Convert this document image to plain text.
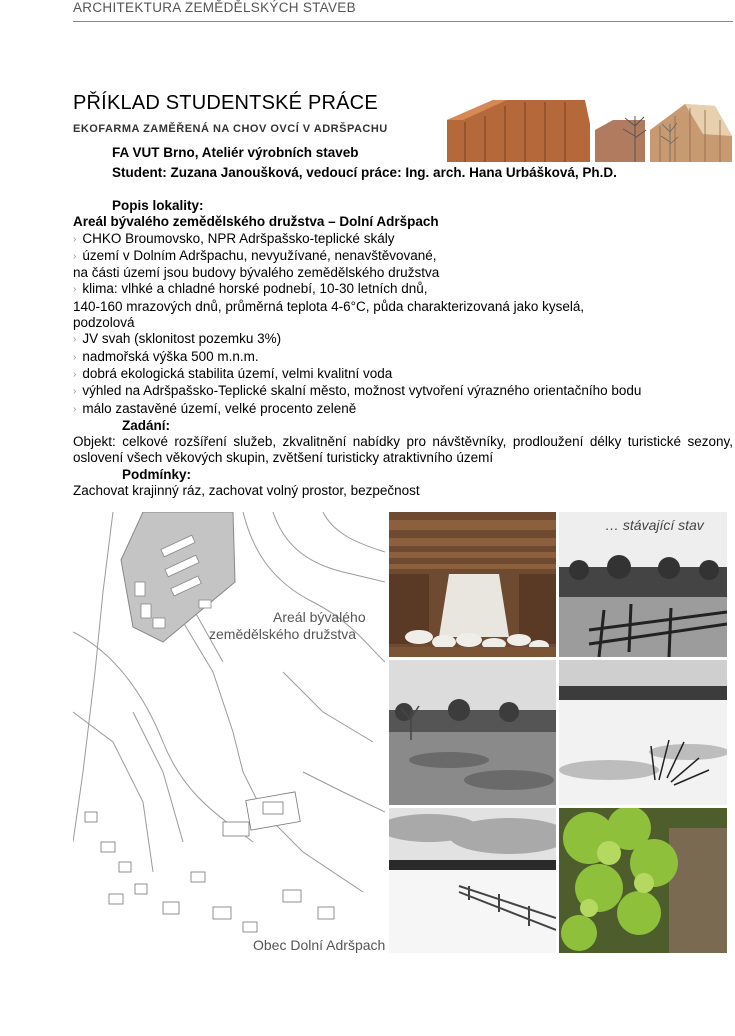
ARCHITEKTURA ZEMĚDĚLSKÝCH STAVEB
PŘÍKLAD STUDENTSKÉ PRÁCE
EKOFARMA ZAMĚŘENÁ NA CHOV OVCÍ V ADRŠPACHU
FA VUT Brno, Ateliér výrobních staveb
Student: Zuzana Janoušková, vedoucí práce: Ing. arch. Hana Urbášková, Ph.D.
Popis lokality:
Areál bývalého zemědělského družstva – Dolní Adršpach
› CHKO Broumovsko, NPR Adršpašsko-teplické skály
› území v Dolním Adršpachu, nevyužívané, nenavštěvované,
na části území jsou budovy bývalého zemědělského družstva
› klima: vlhké a chladné horské podnebí, 10-30 letních dnů,
140-160 mrazových dnů, průměrná teplota 4-6°C, půda charakterizovaná jako kyselá,
podzolová
› JV svah (sklonitost pozemku 3%)
› nadmořská výška 500 m.n.m.
› dobrá ekologická stabilita území, velmi kvalitní voda
› výhled na Adršpašsko-Teplické skalní město, možnost vytvoření výrazného orientačního bodu
› málo zastavěné území, velké procento zeleně
Zadání:
Objekt: celkové rozšíření služeb, zkvalitnění nabídky pro návštěvníky, prodloužení délky turistické sezony, oslovení všech věkových skupin, zvětšení turisticky atraktivního území
Podmínky:
Zachovat krajinný ráz, zachovat volný prostor, bezpečnost
Areál bývalého
zemědělského družstva
Obec Dolní Adršpach
… stávající stav
